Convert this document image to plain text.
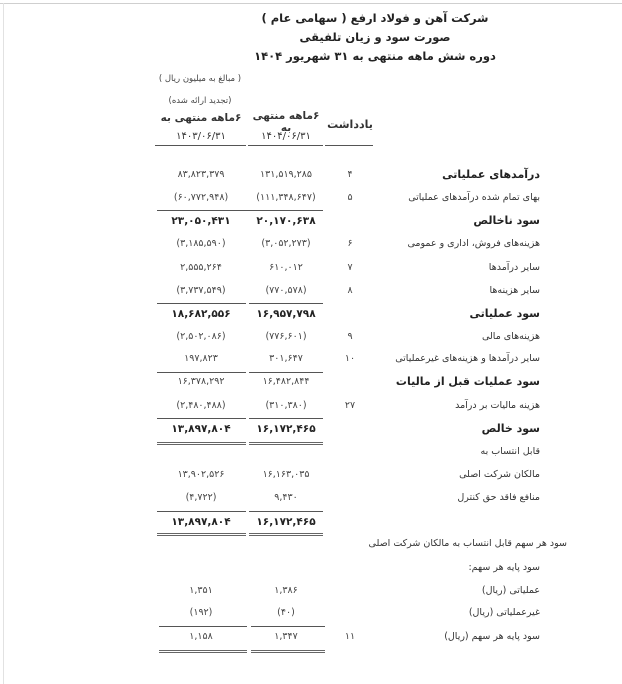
شرکت آهن و فولاد ارفع ( سهامی عام )
صورت سود و زیان تلفیقی
دوره شش ماهه منتهی به ۳۱ شهریور ۱۴۰۴
( مبالغ به میلیون ریال )
(تجدید ارائه شده)
۶ماهه منتهی به
۱۴۰۳/۰۶/۳۱
۶ماهه منتهی به
۱۴۰۴/۰۶/۳۱
یادداشت
درآمدهای عملیاتی
۴
۱۳۱,۵۱۹,۲۸۵
۸۳,۸۲۳,۳۷۹
بهای تمام شده درآمدهای عملیاتی
۵
(۱۱۱,۳۴۸,۶۴۷)
(۶۰,۷۷۲,۹۴۸)
سود ناخالص
۲۰,۱۷۰,۶۳۸
۲۳,۰۵۰,۴۳۱
هزینه‌های فروش، اداری و عمومی
۶
(۳,۰۵۲,۲۷۳)
(۳,۱۸۵,۵۹۰)
سایر درآمدها
۷
۶۱۰,۰۱۲
۲,۵۵۵,۲۶۴
سایر هزینه‌ها
۸
(۷۷۰,۵۷۸)
(۳,۷۳۷,۵۴۹)
سود عملیاتی
۱۶,۹۵۷,۷۹۸
۱۸,۶۸۲,۵۵۶
هزینه‌های مالی
۹
(۷۷۶,۶۰۱)
(۲,۵۰۲,۰۸۶)
سایر درآمدها و هزینه‌های غیرعملیاتی
۱۰
۳۰۱,۶۴۷
۱۹۷,۸۲۳
سود عملیات قبل از مالیات
۱۶,۴۸۲,۸۴۴
۱۶,۳۷۸,۲۹۲
هزینه مالیات بر درآمد
۲۷
(۳۱۰,۳۸۰)
(۲,۴۸۰,۴۸۸)
سود خالص
۱۶,۱۷۲,۴۶۵
۱۳,۸۹۷,۸۰۴
قابل انتساب به
مالکان شرکت اصلی
۱۶,۱۶۳,۰۳۵
۱۳,۹۰۲,۵۲۶
منافع فاقد حق کنترل
۹,۴۳۰
(۴,۷۲۲)
۱۶,۱۷۲,۴۶۵
۱۳,۸۹۷,۸۰۴
سود هر سهم قابل انتساب به مالکان شرکت اصلی
سود پایه هر سهم:
عملیاتی (ریال)
۱,۳۸۶
۱,۳۵۱
غیرعملیاتی (ریال)
(۴۰)
(۱۹۲)
سود پایه هر سهم (ریال)
۱۱
۱,۳۴۷
۱,۱۵۸
